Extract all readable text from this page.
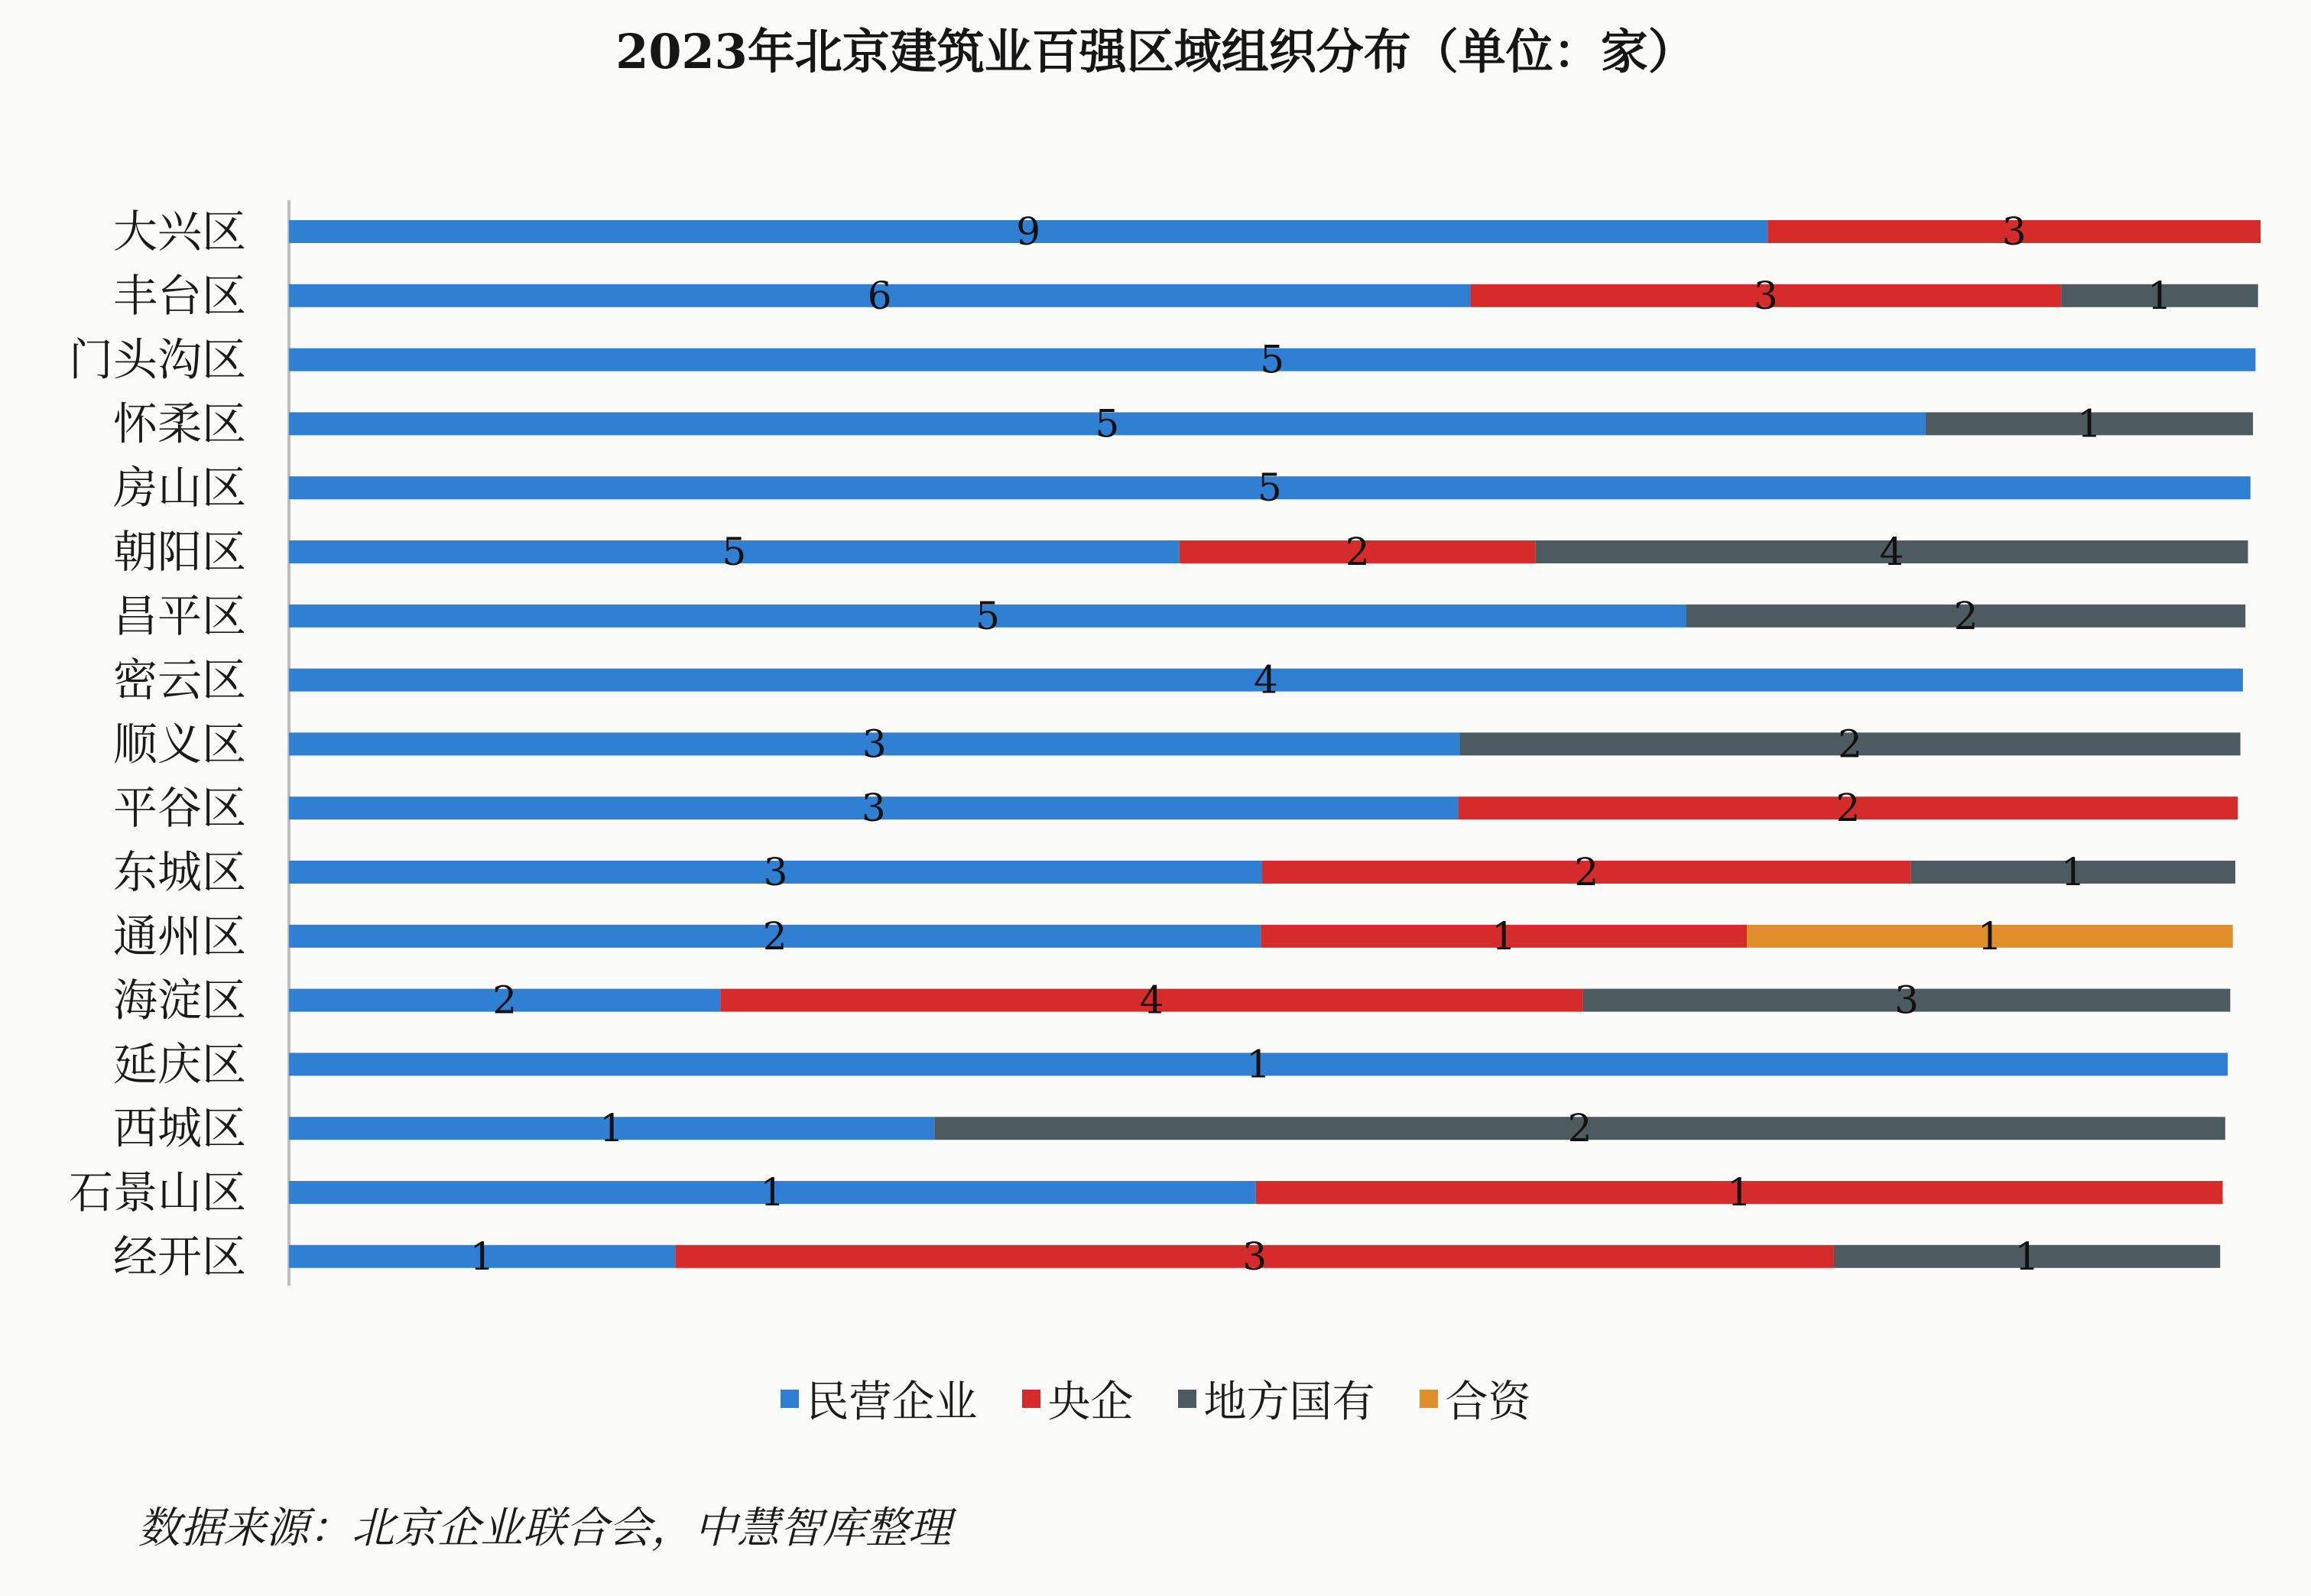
2023年北京建筑业百强区域组织分布（单位：家）
大兴区	9	3
丰台区	6	3	1
门头沟区	5
怀柔区	5	1
房山区	5
朝阳区	5	2	4
昌平区	5	2
密云区	4
顺义区	3	2
平谷区	3	2
东城区	3	2	1
通州区	2	1	1
海淀区	2	4	3
延庆区	1
西城区	1	2
石景山区	1	1
经开区	1	3	1
民营企业 央企 地方国有 合资
数据来源：北京企业联合会，中慧智库整理
